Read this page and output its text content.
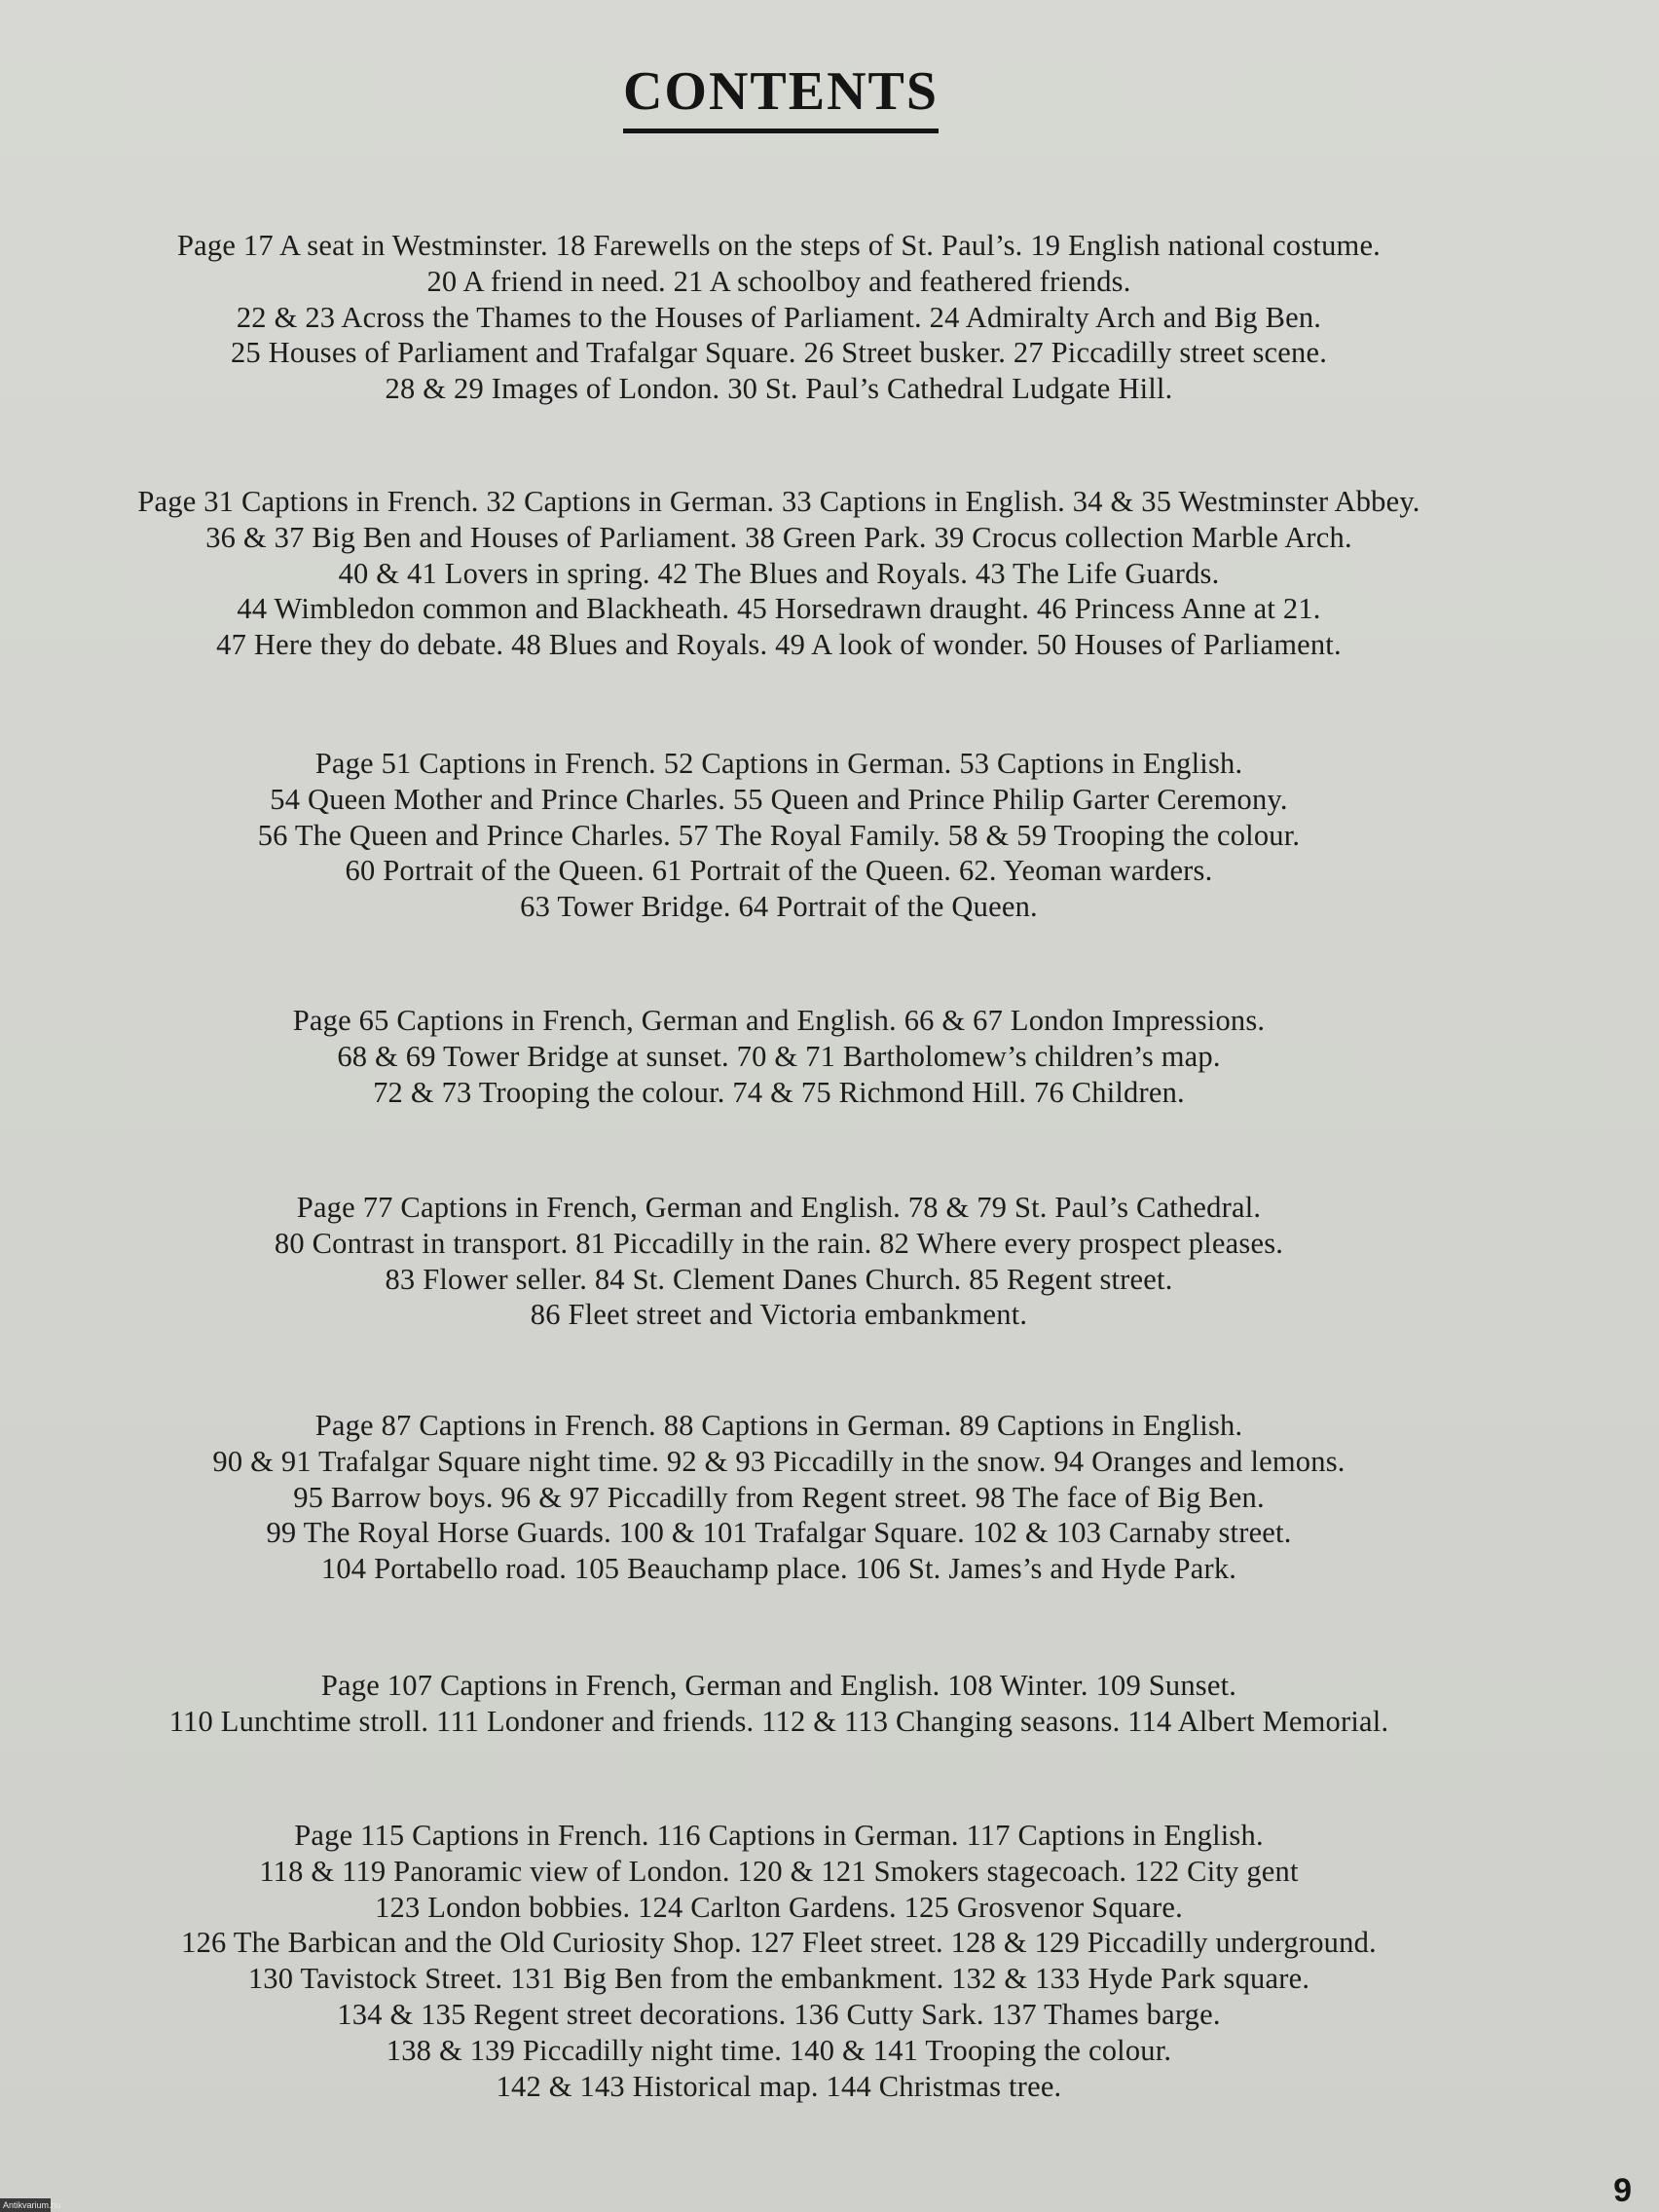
CONTENTS
Page 17 A seat in Westminster. 18 Farewells on the steps of St. Paul’s. 19 English national costume.
20 A friend in need. 21 A schoolboy and feathered friends.
22 & 23 Across the Thames to the Houses of Parliament. 24 Admiralty Arch and Big Ben.
25 Houses of Parliament and Trafalgar Square. 26 Street busker. 27 Piccadilly street scene.
28 & 29 Images of London. 30 St. Paul’s Cathedral Ludgate Hill.
Page 31 Captions in French. 32 Captions in German. 33 Captions in English. 34 & 35 Westminster Abbey.
36 & 37 Big Ben and Houses of Parliament. 38 Green Park. 39 Crocus collection Marble Arch.
40 & 41 Lovers in spring. 42 The Blues and Royals. 43 The Life Guards.
44 Wimbledon common and Blackheath. 45 Horsedrawn draught. 46 Princess Anne at 21.
47 Here they do debate. 48 Blues and Royals. 49 A look of wonder. 50 Houses of Parliament.
Page 51 Captions in French. 52 Captions in German. 53 Captions in English.
54 Queen Mother and Prince Charles. 55 Queen and Prince Philip Garter Ceremony.
56 The Queen and Prince Charles. 57 The Royal Family. 58 & 59 Trooping the colour.
60 Portrait of the Queen. 61 Portrait of the Queen. 62. Yeoman warders.
63 Tower Bridge. 64 Portrait of the Queen.
Page 65 Captions in French, German and English. 66 & 67 London Impressions.
68 & 69 Tower Bridge at sunset. 70 & 71 Bartholomew’s children’s map.
72 & 73 Trooping the colour. 74 & 75 Richmond Hill. 76 Children.
Page 77 Captions in French, German and English. 78 & 79 St. Paul’s Cathedral.
80 Contrast in transport. 81 Piccadilly in the rain. 82 Where every prospect pleases.
83 Flower seller. 84 St. Clement Danes Church. 85 Regent street.
86 Fleet street and Victoria embankment.
Page 87 Captions in French. 88 Captions in German. 89 Captions in English.
90 & 91 Trafalgar Square night time. 92 & 93 Piccadilly in the snow. 94 Oranges and lemons.
95 Barrow boys. 96 & 97 Piccadilly from Regent street. 98 The face of Big Ben.
99 The Royal Horse Guards. 100 & 101 Trafalgar Square. 102 & 103 Carnaby street.
104 Portabello road. 105 Beauchamp place. 106 St. James’s and Hyde Park.
Page 107 Captions in French, German and English. 108 Winter. 109 Sunset.
110 Lunchtime stroll. 111 Londoner and friends. 112 & 113 Changing seasons. 114 Albert Memorial.
Page 115 Captions in French. 116 Captions in German. 117 Captions in English.
118 & 119 Panoramic view of London. 120 & 121 Smokers stagecoach. 122 City gent
123 London bobbies. 124 Carlton Gardens. 125 Grosvenor Square.
126 The Barbican and the Old Curiosity Shop. 127 Fleet street. 128 & 129 Piccadilly underground.
130 Tavistock Street. 131 Big Ben from the embankment. 132 & 133 Hyde Park square.
134 & 135 Regent street decorations. 136 Cutty Sark. 137 Thames barge.
138 & 139 Piccadilly night time. 140 & 141 Trooping the colour.
142 & 143 Historical map. 144 Christmas tree.
9
Antikvarium.hu
